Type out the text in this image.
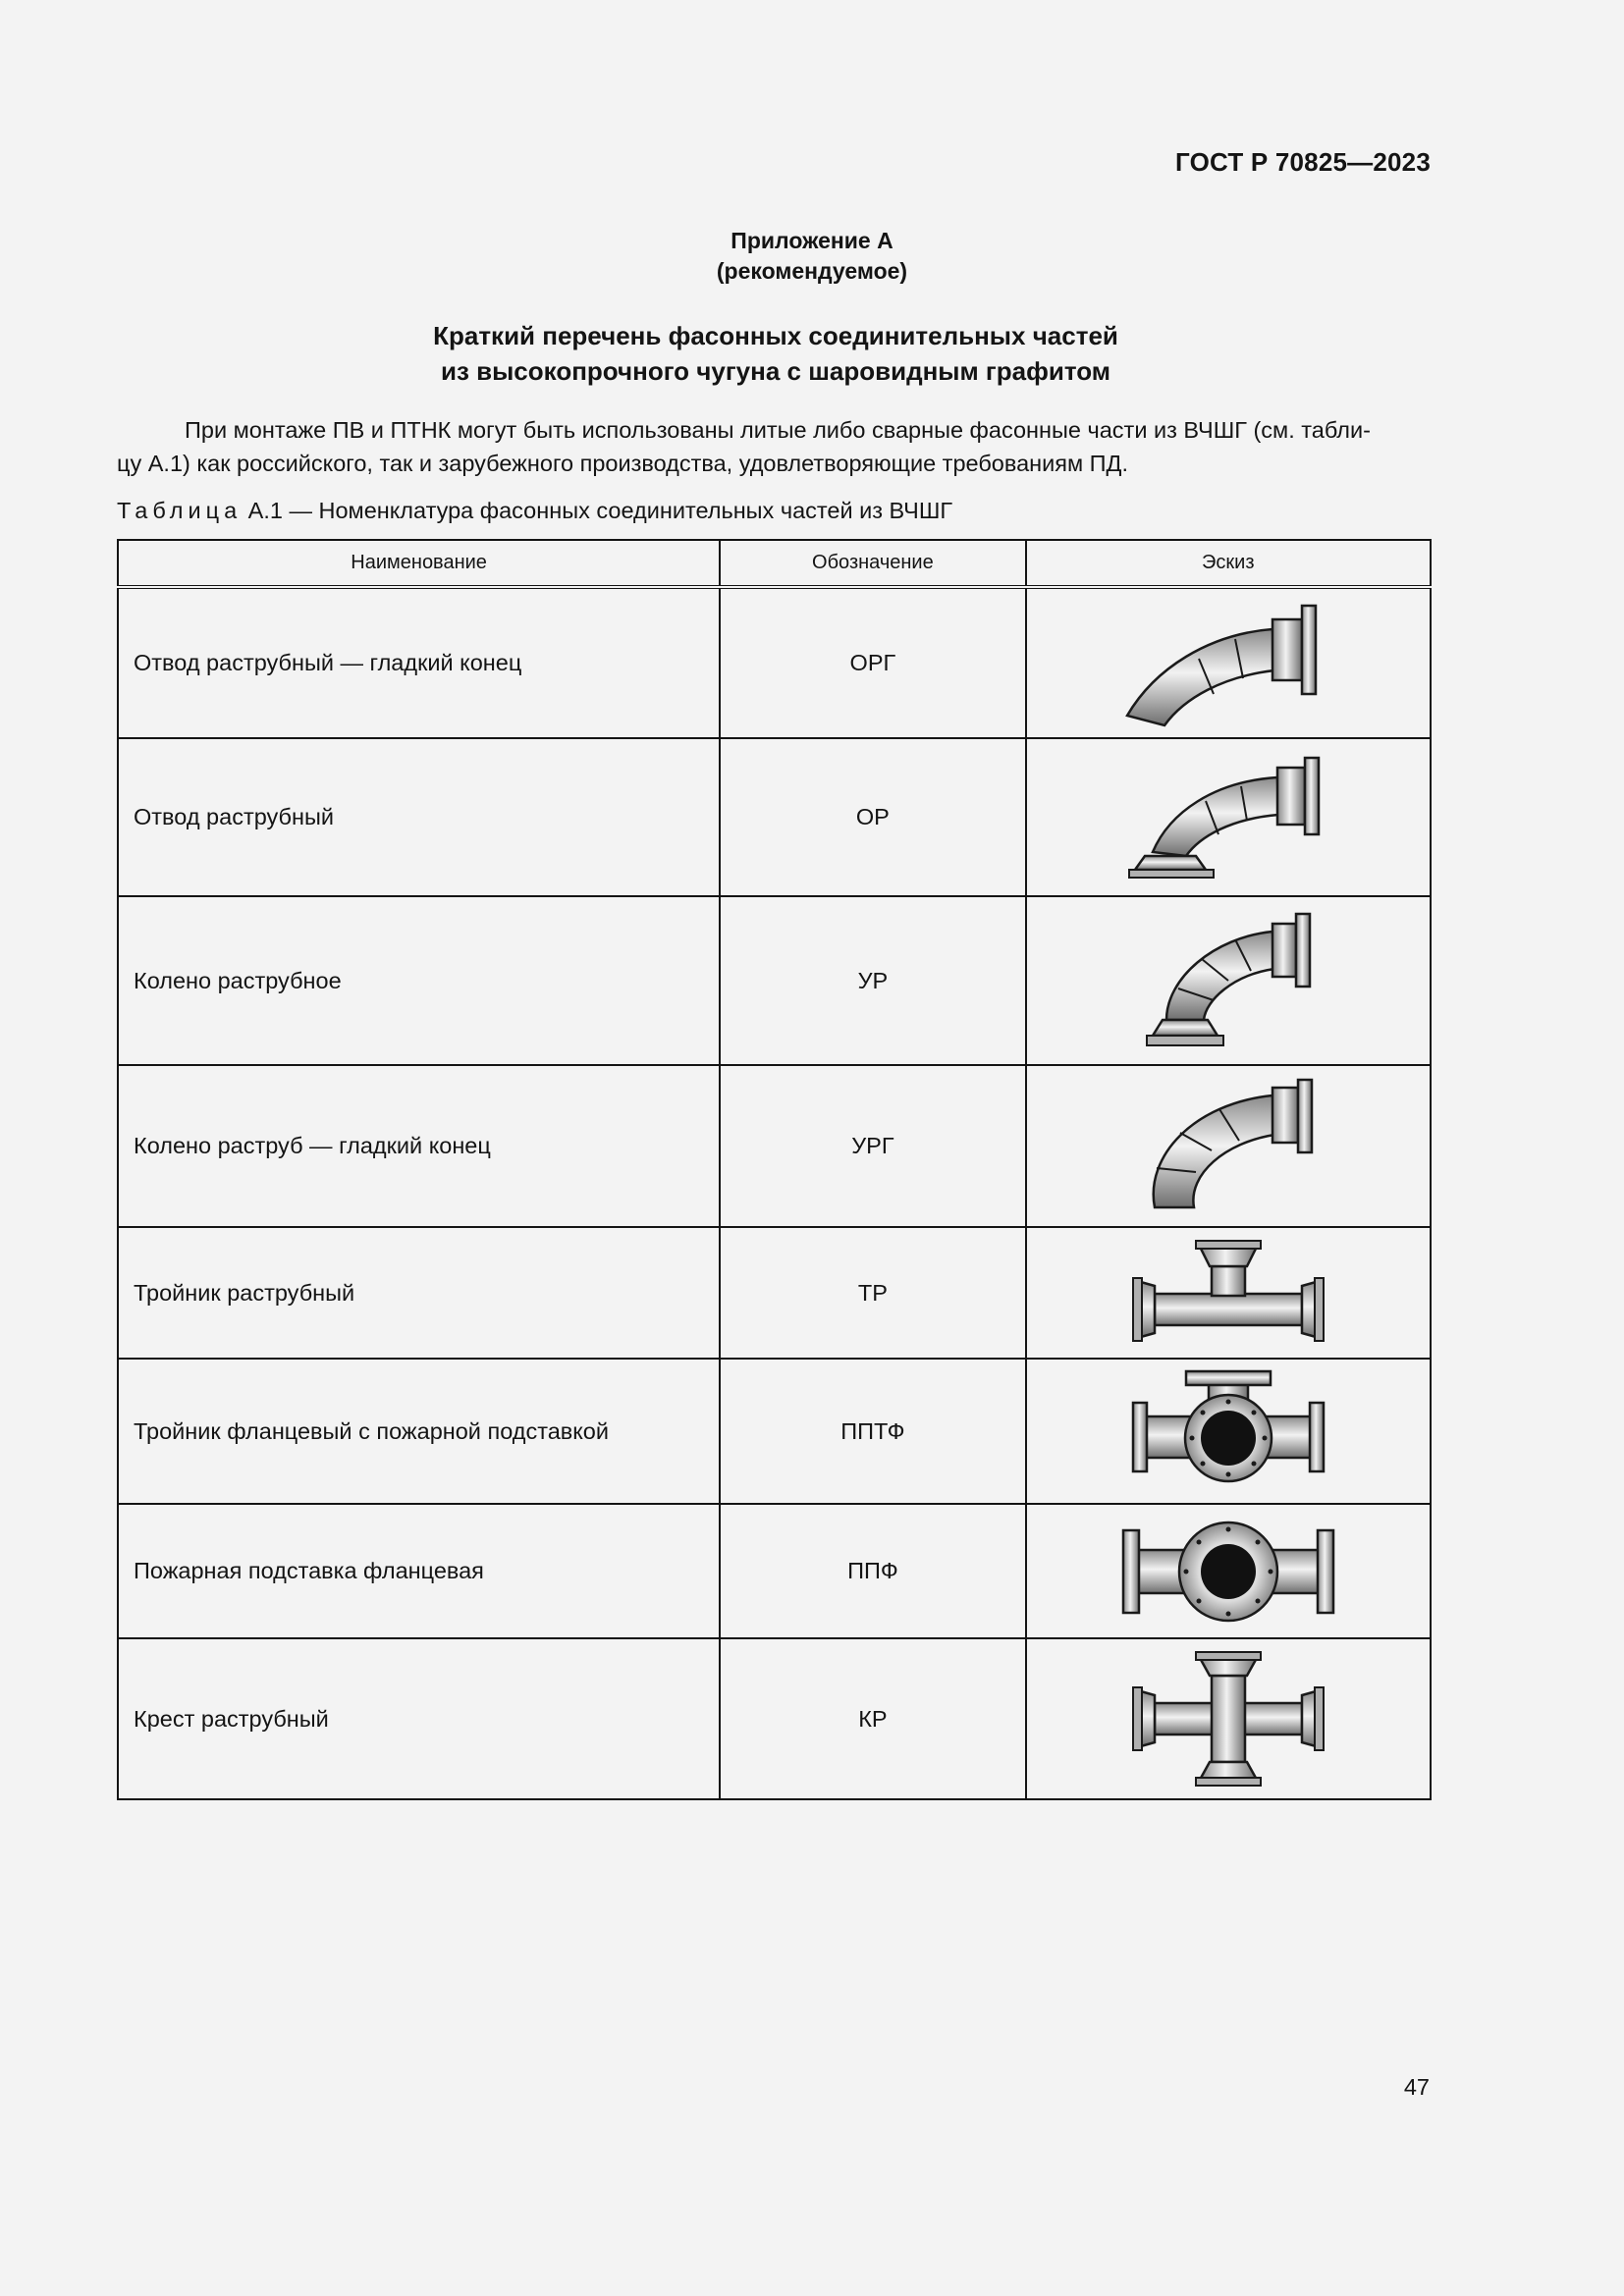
ГОСТ Р 70825—2023
Приложение А
(рекомендуемое)
Краткий перечень фасонных соединительных частей
из высокопрочного чугуна с шаровидным графитом
При монтаже ПВ и ПТНК могут быть использованы литые либо сварные фасонные части из ВЧШГ (см. табли-
цу А.1) как российского, так и зарубежного производства, удовлетворяющие требованиям ПД.
Таблица А.1 — Номенклатура фасонных соединительных частей из ВЧШГ
Наименование	Обозначение	Эскиз
Отвод раструбный — гладкий конец	ОРГ	

Отвод раструбный	ОР	

Колено раструбное	УР	

Колено раструб — гладкий конец	УРГ	

Тройник раструбный	ТР	

Тройник фланцевый с пожарной подставкой	ППТФ	

Пожарная подставка фланцевая	ППФ	

Крест раструбный	КР	
47
